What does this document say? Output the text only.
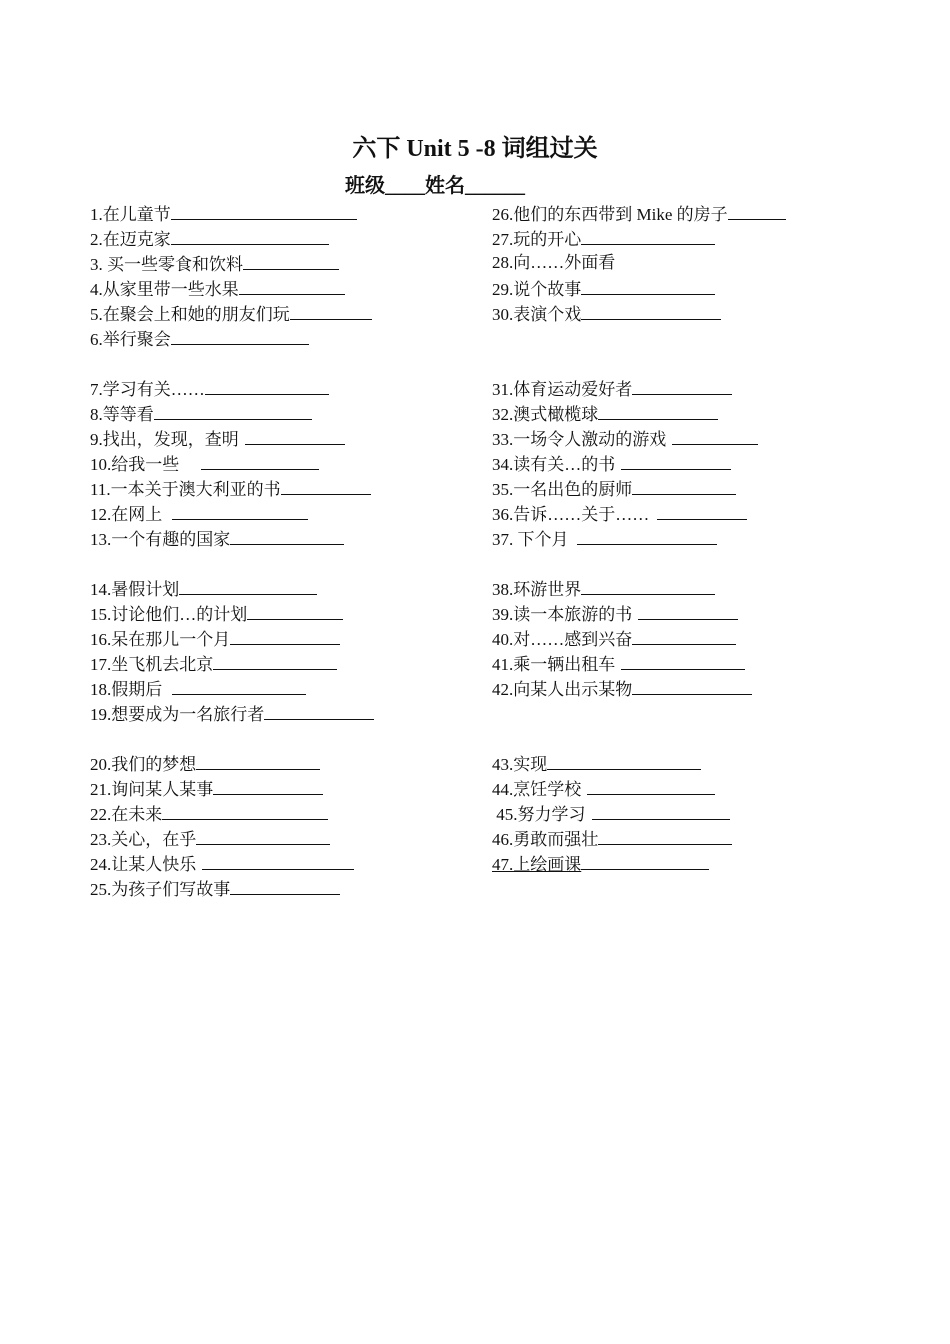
六下 Unit 5 -8 词组过关
班级____姓名______
1.在儿童节
2.在迈克家
3. 买一些零食和饮料
4.从家里带一些水果
5.在聚会上和她的朋友们玩
6.举行聚会
7.学习有关……
8.等等看
9.找出，发现，查明
10.给我一些
11.一本关于澳大利亚的书
12.在网上
13.一个有趣的国家
14.暑假计划
15.讨论他们…的计划
16.呆在那儿一个月
17.坐飞机去北京
18.假期后
19.想要成为一名旅行者
20.我们的梦想
21.询问某人某事
22.在未来
23.关心，在乎
24.让某人快乐
25.为孩子们写故事
26.他们的东西带到 Mike 的房子
27.玩的开心
28.向……外面看
29.说个故事
30.表演个戏
31.体育运动爱好者
32.澳式橄榄球
33.一场令人激动的游戏
34.读有关…的书
35.一名出色的厨师
36.告诉……关于……
37. 下个月
38.环游世界
39.读一本旅游的书
40.对……感到兴奋
41.乘一辆出租车
42.向某人出示某物
43.实现
44.烹饪学校
45.努力学习
46.勇敢而强壮
47.上绘画课
